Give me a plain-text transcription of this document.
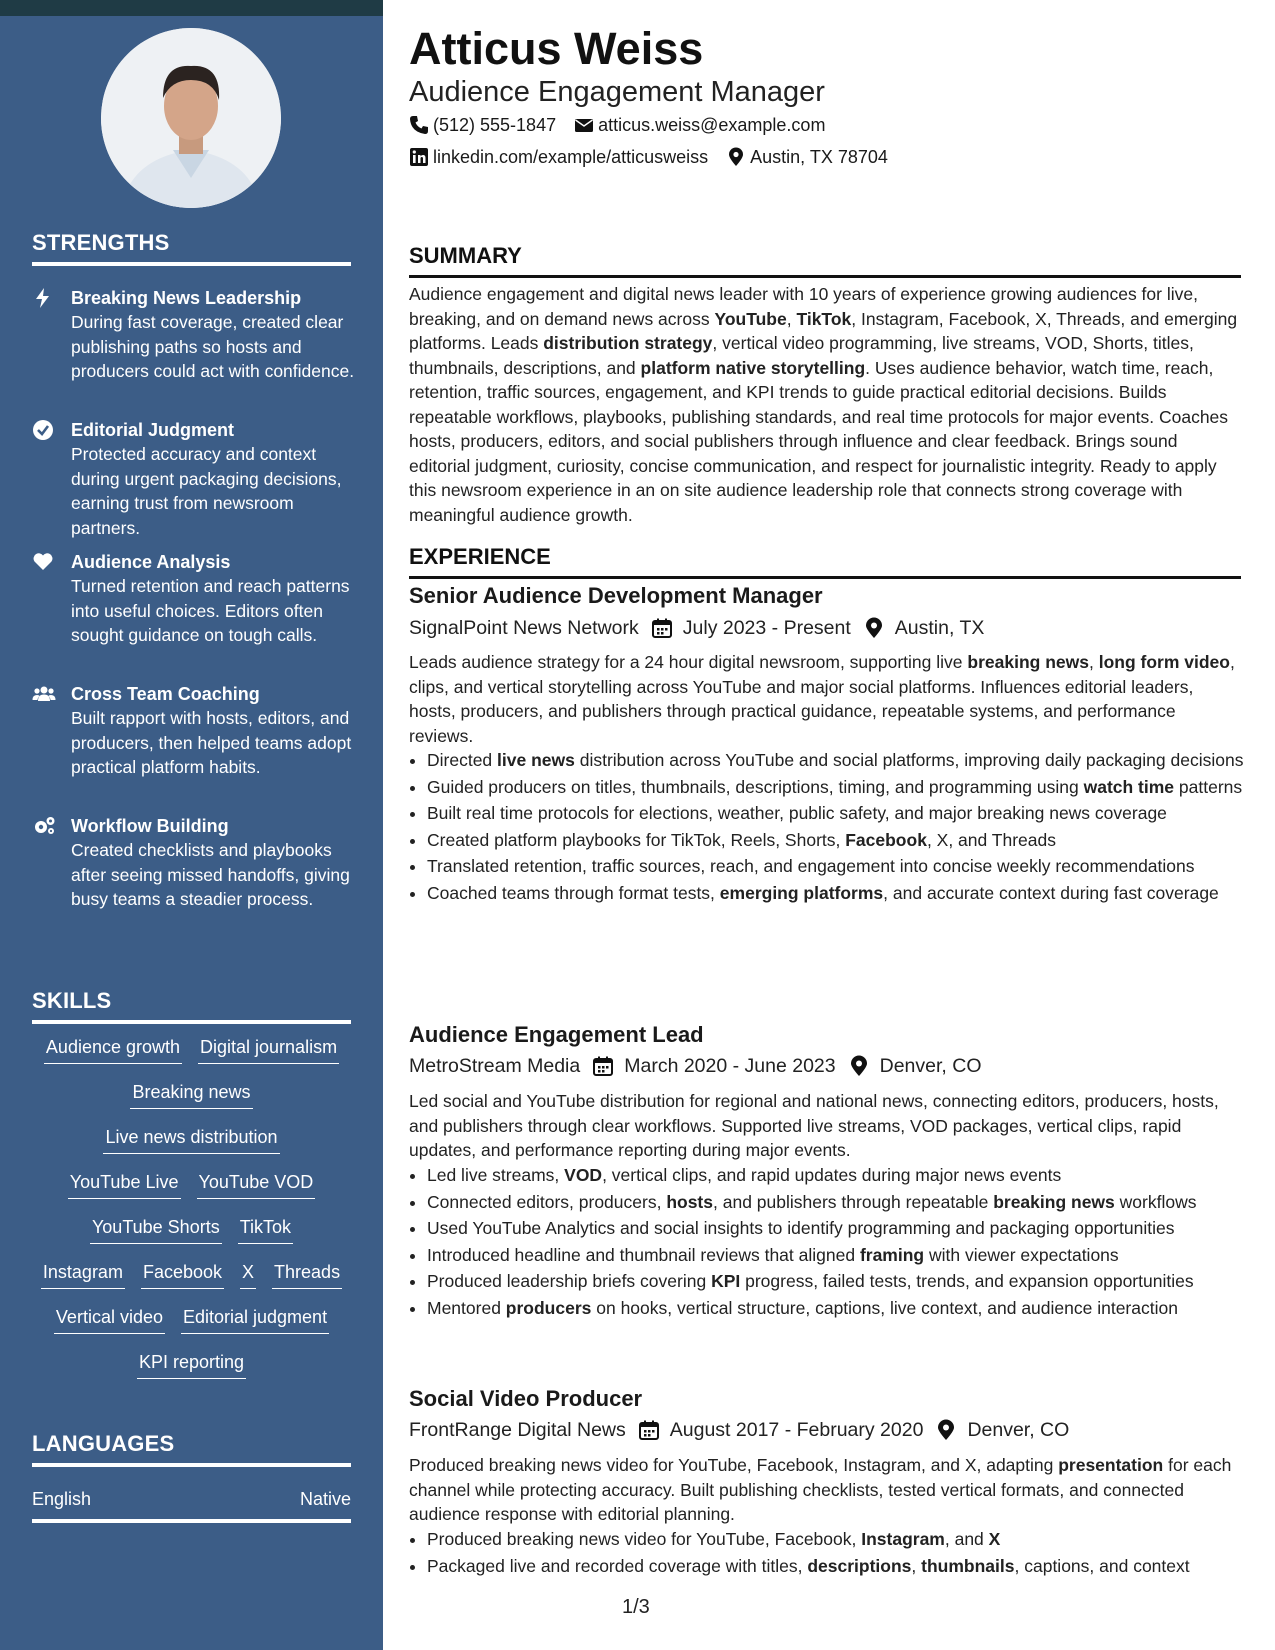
STRENGTHS
Breaking News Leadership
During fast coverage, created clear publishing paths so hosts and producers could act with confidence.
Editorial Judgment
Protected accuracy and context during urgent packaging decisions, earning trust from newsroom partners.
Audience Analysis
Turned retention and reach patterns into useful choices. Editors often sought guidance on tough calls.
Cross Team Coaching
Built rapport with hosts, editors, and producers, then helped teams adopt practical platform habits.
Workflow Building
Created checklists and playbooks after seeing missed handoffs, giving busy teams a steadier process.
SKILLS
Audience growth Digital journalism
Breaking news
Live news distribution
YouTube Live YouTube VOD
YouTube Shorts TikTok
Instagram Facebook X Threads
Vertical video Editorial judgment
KPI reporting
LANGUAGES
English	Native
Atticus Weiss
Audience Engagement Manager
(512) 555-1847 atticus.weiss@example.com
linkedin.com/example/atticusweiss Austin, TX 78704
SUMMARY
Audience engagement and digital news leader with 10 years of experience growing audiences for live, breaking, and on demand news across YouTube, TikTok, Instagram, Facebook, X, Threads, and emerging platforms. Leads distribution strategy, vertical video programming, live streams, VOD, Shorts, titles, thumbnails, descriptions, and platform native storytelling. Uses audience behavior, watch time, reach, retention, traffic sources, engagement, and KPI trends to guide practical editorial decisions. Builds repeatable workflows, playbooks, publishing standards, and real time protocols for major events. Coaches hosts, producers, editors, and social publishers through influence and clear feedback. Brings sound editorial judgment, curiosity, concise communication, and respect for journalistic integrity. Ready to apply this newsroom experience in an on site audience leadership role that connects strong coverage with meaningful audience growth.
EXPERIENCE
Senior Audience Development Manager
SignalPoint News Network July 2023 - Present Austin, TX
Leads audience strategy for a 24 hour digital newsroom, supporting live breaking news, long form video, clips, and vertical storytelling across YouTube and major social platforms. Influences editorial leaders, hosts, producers, and publishers through practical guidance, repeatable systems, and performance reviews.
• Directed live news distribution across YouTube and social platforms, improving daily packaging decisions
• Guided producers on titles, thumbnails, descriptions, timing, and programming using watch time patterns
• Built real time protocols for elections, weather, public safety, and major breaking news coverage
• Created platform playbooks for TikTok, Reels, Shorts, Facebook, X, and Threads
• Translated retention, traffic sources, reach, and engagement into concise weekly recommendations
• Coached teams through format tests, emerging platforms, and accurate context during fast coverage
Audience Engagement Lead
MetroStream Media March 2020 - June 2023 Denver, CO
Led social and YouTube distribution for regional and national news, connecting editors, producers, hosts, and publishers through clear workflows. Supported live streams, VOD packages, vertical clips, rapid updates, and performance reporting during major events.
• Led live streams, VOD, vertical clips, and rapid updates during major news events
• Connected editors, producers, hosts, and publishers through repeatable breaking news workflows
• Used YouTube Analytics and social insights to identify programming and packaging opportunities
• Introduced headline and thumbnail reviews that aligned framing with viewer expectations
• Produced leadership briefs covering KPI progress, failed tests, trends, and expansion opportunities
• Mentored producers on hooks, vertical structure, captions, live context, and audience interaction
Social Video Producer
FrontRange Digital News August 2017 - February 2020 Denver, CO
Produced breaking news video for YouTube, Facebook, Instagram, and X, adapting presentation for each channel while protecting accuracy. Built publishing checklists, tested vertical formats, and connected audience response with editorial planning.
• Produced breaking news video for YouTube, Facebook, Instagram, and X
• Packaged live and recorded coverage with titles, descriptions, thumbnails, captions, and context
1/3
